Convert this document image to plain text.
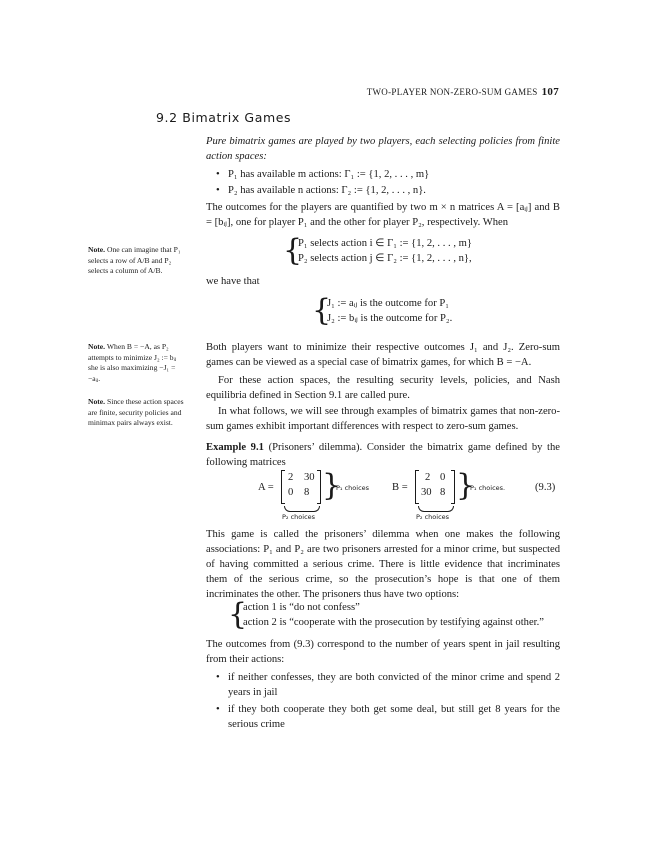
TWO-PLAYER NON-ZERO-SUM GAMES 107
9.2 Bimatrix Games
Note. One can imagine that P₁ selects a row of A/B and P₂ selects a column of A/B.
Note. When B = −A, as P₂ attempts to minimize J₂ := bᵢⱼ she is also maximizing −J₁ = −aᵢⱼ.
Note. Since these action spaces are finite, security policies and minimax pairs always exist.
Pure bimatrix games are played by two players, each selecting policies from finite action spaces:
• P₁ has available m actions: Γ₁ := {1, 2, . . . , m}
• P₂ has available n actions: Γ₂ := {1, 2, . . . , n}.
The outcomes for the players are quantified by two m × n matrices A = [aᵢⱼ] and B = [bᵢⱼ], one for player P₁ and the other for player P₂, respectively. When
{
P₁ selects action i ∈ Γ₁ := {1, 2, . . . , m}
P₂ selects action j ∈ Γ₂ := {1, 2, . . . , n},
we have that
{
J₁ := aᵢⱼ is the outcome for P₁
J₂ := bᵢⱼ is the outcome for P₂.
Both players want to minimize their respective outcomes J₁ and J₂. Zero-sum games can be viewed as a special case of bimatrix games, for which B = −A.
For these action spaces, the resulting security levels, policies, and Nash equilibria defined in Section 9.1 are called pure.
In what follows, we will see through examples of bimatrix games that non-zero-sum games exhibit important differences with respect to zero-sum games.
Example 9.1 (Prisoners’ dilemma). Consider the bimatrix game defined by the following matrices
A =
2 30
0 8 }
P₁ choices
P₂ choices
B =
2 0
30 8 }
P₁ choices.
P₂ choices
(9.3)
This game is called the prisoners’ dilemma when one makes the following associations: P₁ and P₂ are two prisoners arrested for a minor crime, but suspected of having committed a serious crime. There is little evidence that incriminates them of the serious crime, so the prosecution’s hope is that one of them incriminates the other. The prisoners thus have two options:
{
action 1 is “do not confess”
action 2 is “cooperate with the prosecution by testifying against other.”
The outcomes from (9.3) correspond to the number of years spent in jail resulting from their actions:
• if neither confesses, they are both convicted of the minor crime and spend 2 years in jail
• if they both cooperate they both get some deal, but still get 8 years for the serious crime
